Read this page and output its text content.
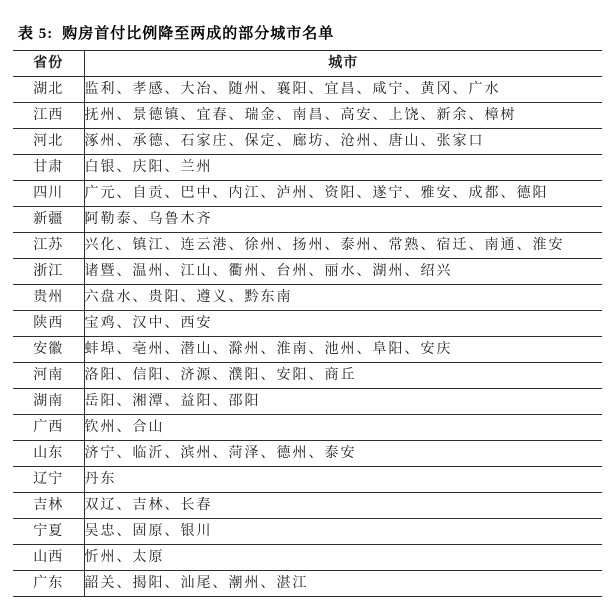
表 5: 购房首付比例降至两成的部分城市名单

省份	城市
湖北	监利、孝感、大冶、随州、襄阳、宜昌、咸宁、黄冈、广水
江西	抚州、景德镇、宜春、瑞金、南昌、高安、上饶、新余、樟树
河北	涿州、承德、石家庄、保定、廊坊、沧州、唐山、张家口
甘肃	白银、庆阳、兰州
四川	广元、自贡、巴中、内江、泸州、资阳、遂宁、雅安、成都、德阳
新疆	阿勒泰、乌鲁木齐
江苏	兴化、镇江、连云港、徐州、扬州、泰州、常熟、宿迁、南通、淮安
浙江	诸暨、温州、江山、衢州、台州、丽水、湖州、绍兴
贵州	六盘水、贵阳、遵义、黔东南
陕西	宝鸡、汉中、西安
安徽	蚌埠、亳州、潜山、滁州、淮南、池州、阜阳、安庆
河南	洛阳、信阳、济源、濮阳、安阳、商丘
湖南	岳阳、湘潭、益阳、邵阳
广西	钦州、合山
山东	济宁、临沂、滨州、菏泽、德州、泰安
辽宁	丹东
吉林	双辽、吉林、长春
宁夏	吴忠、固原、银川
山西	忻州、太原
广东	韶关、揭阳、汕尾、潮州、湛江
